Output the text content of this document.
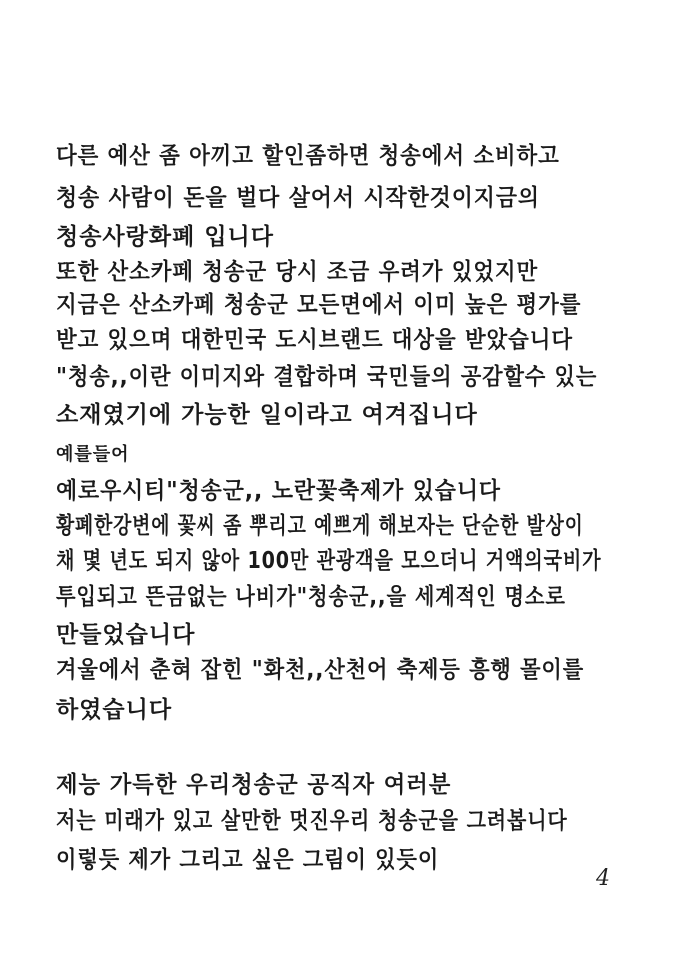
다른 예산 좀 아끼고 할인좀하면 청송에서 소비하고
청송 사람이 돈을 벌다 살어서 시작한것이지금의
청송사랑화폐 입니다
또한 산소카페 청송군 당시 조금 우려가 있었지만
지금은 산소카페 청송군 모든면에서 이미 높은 평가를
받고 있으며 대한민국 도시브랜드 대상을 받았습니다
"청송,,이란 이미지와 결합하며 국민들의 공감할수 있는
소재였기에 가능한 일이라고 여겨집니다
예를들어
예로우시티"청송군,, 노란꽃축제가 있습니다
황폐한강변에 꽃씨 좀 뿌리고 예쁘게 해보자는 단순한 발상이
채 몇 년도 되지 않아 100만 관광객을 모으더니 거액의국비가
투입되고 뜬금없는 나비가"청송군,,을 세계적인 명소로
만들었습니다
겨울에서 춘혀 잡힌 "화천,,산천어 축제등 흥행 몰이를
하였습니다
제능 가득한 우리청송군 공직자 여러분
저는 미래가 있고 살만한 멋진우리 청송군을 그려봅니다
이렇듯 제가 그리고 싶은 그림이 있듯이
4
